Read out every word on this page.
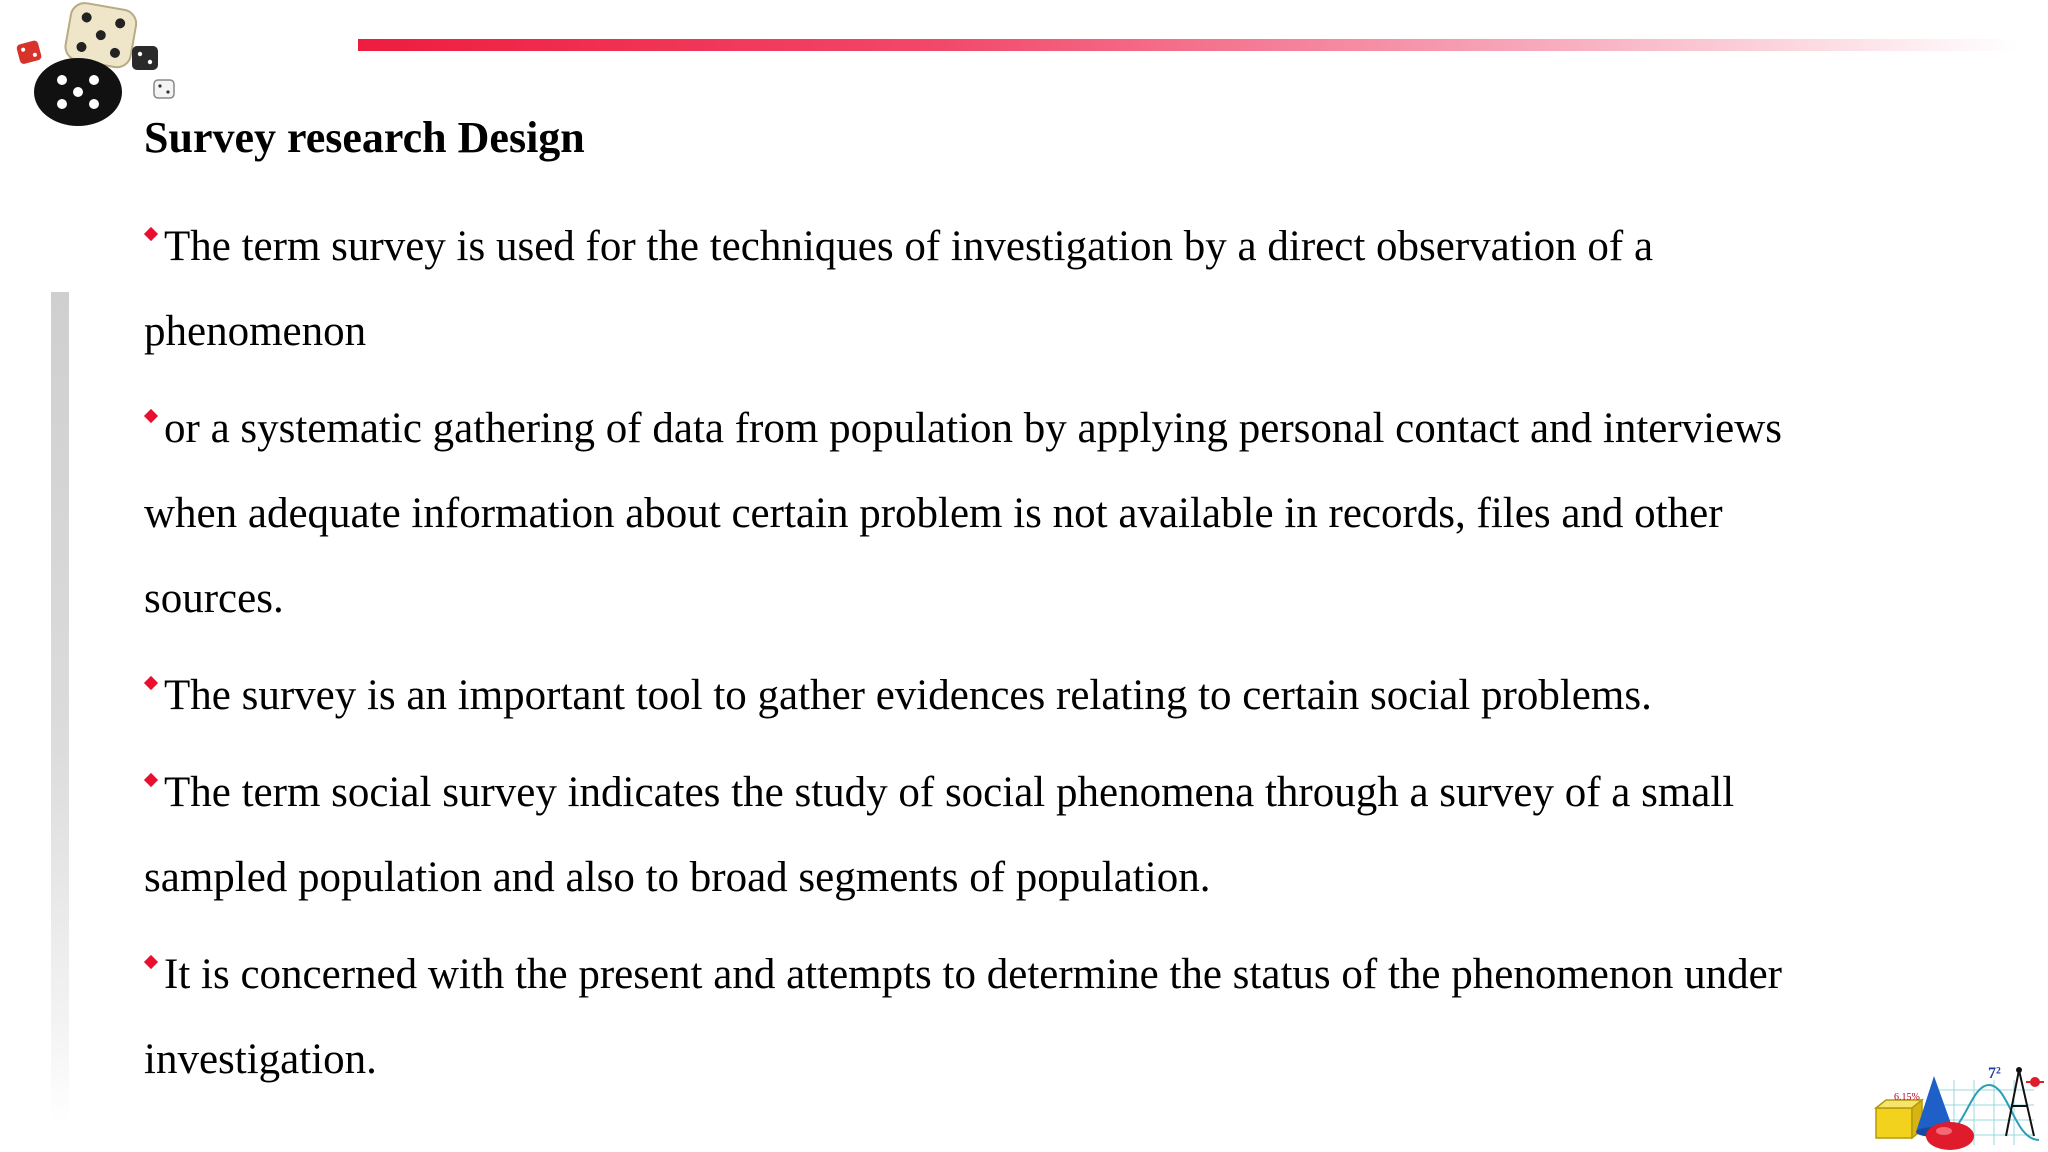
Survey research Design

The term survey is used for the techniques of investigation by a direct observation of a
phenomenon

or a systematic gathering of data from population by applying personal contact and interviews
when adequate information about certain problem is not available in records, files and other
sources.

The survey is an important tool to gather evidences relating to certain social problems.

The term social survey indicates the study of social phenomena through a survey of a small
sampled population and also to broad segments of population.

It is concerned with the present and attempts to determine the status of the phenomenon under
investigation.

6.15%
7²
